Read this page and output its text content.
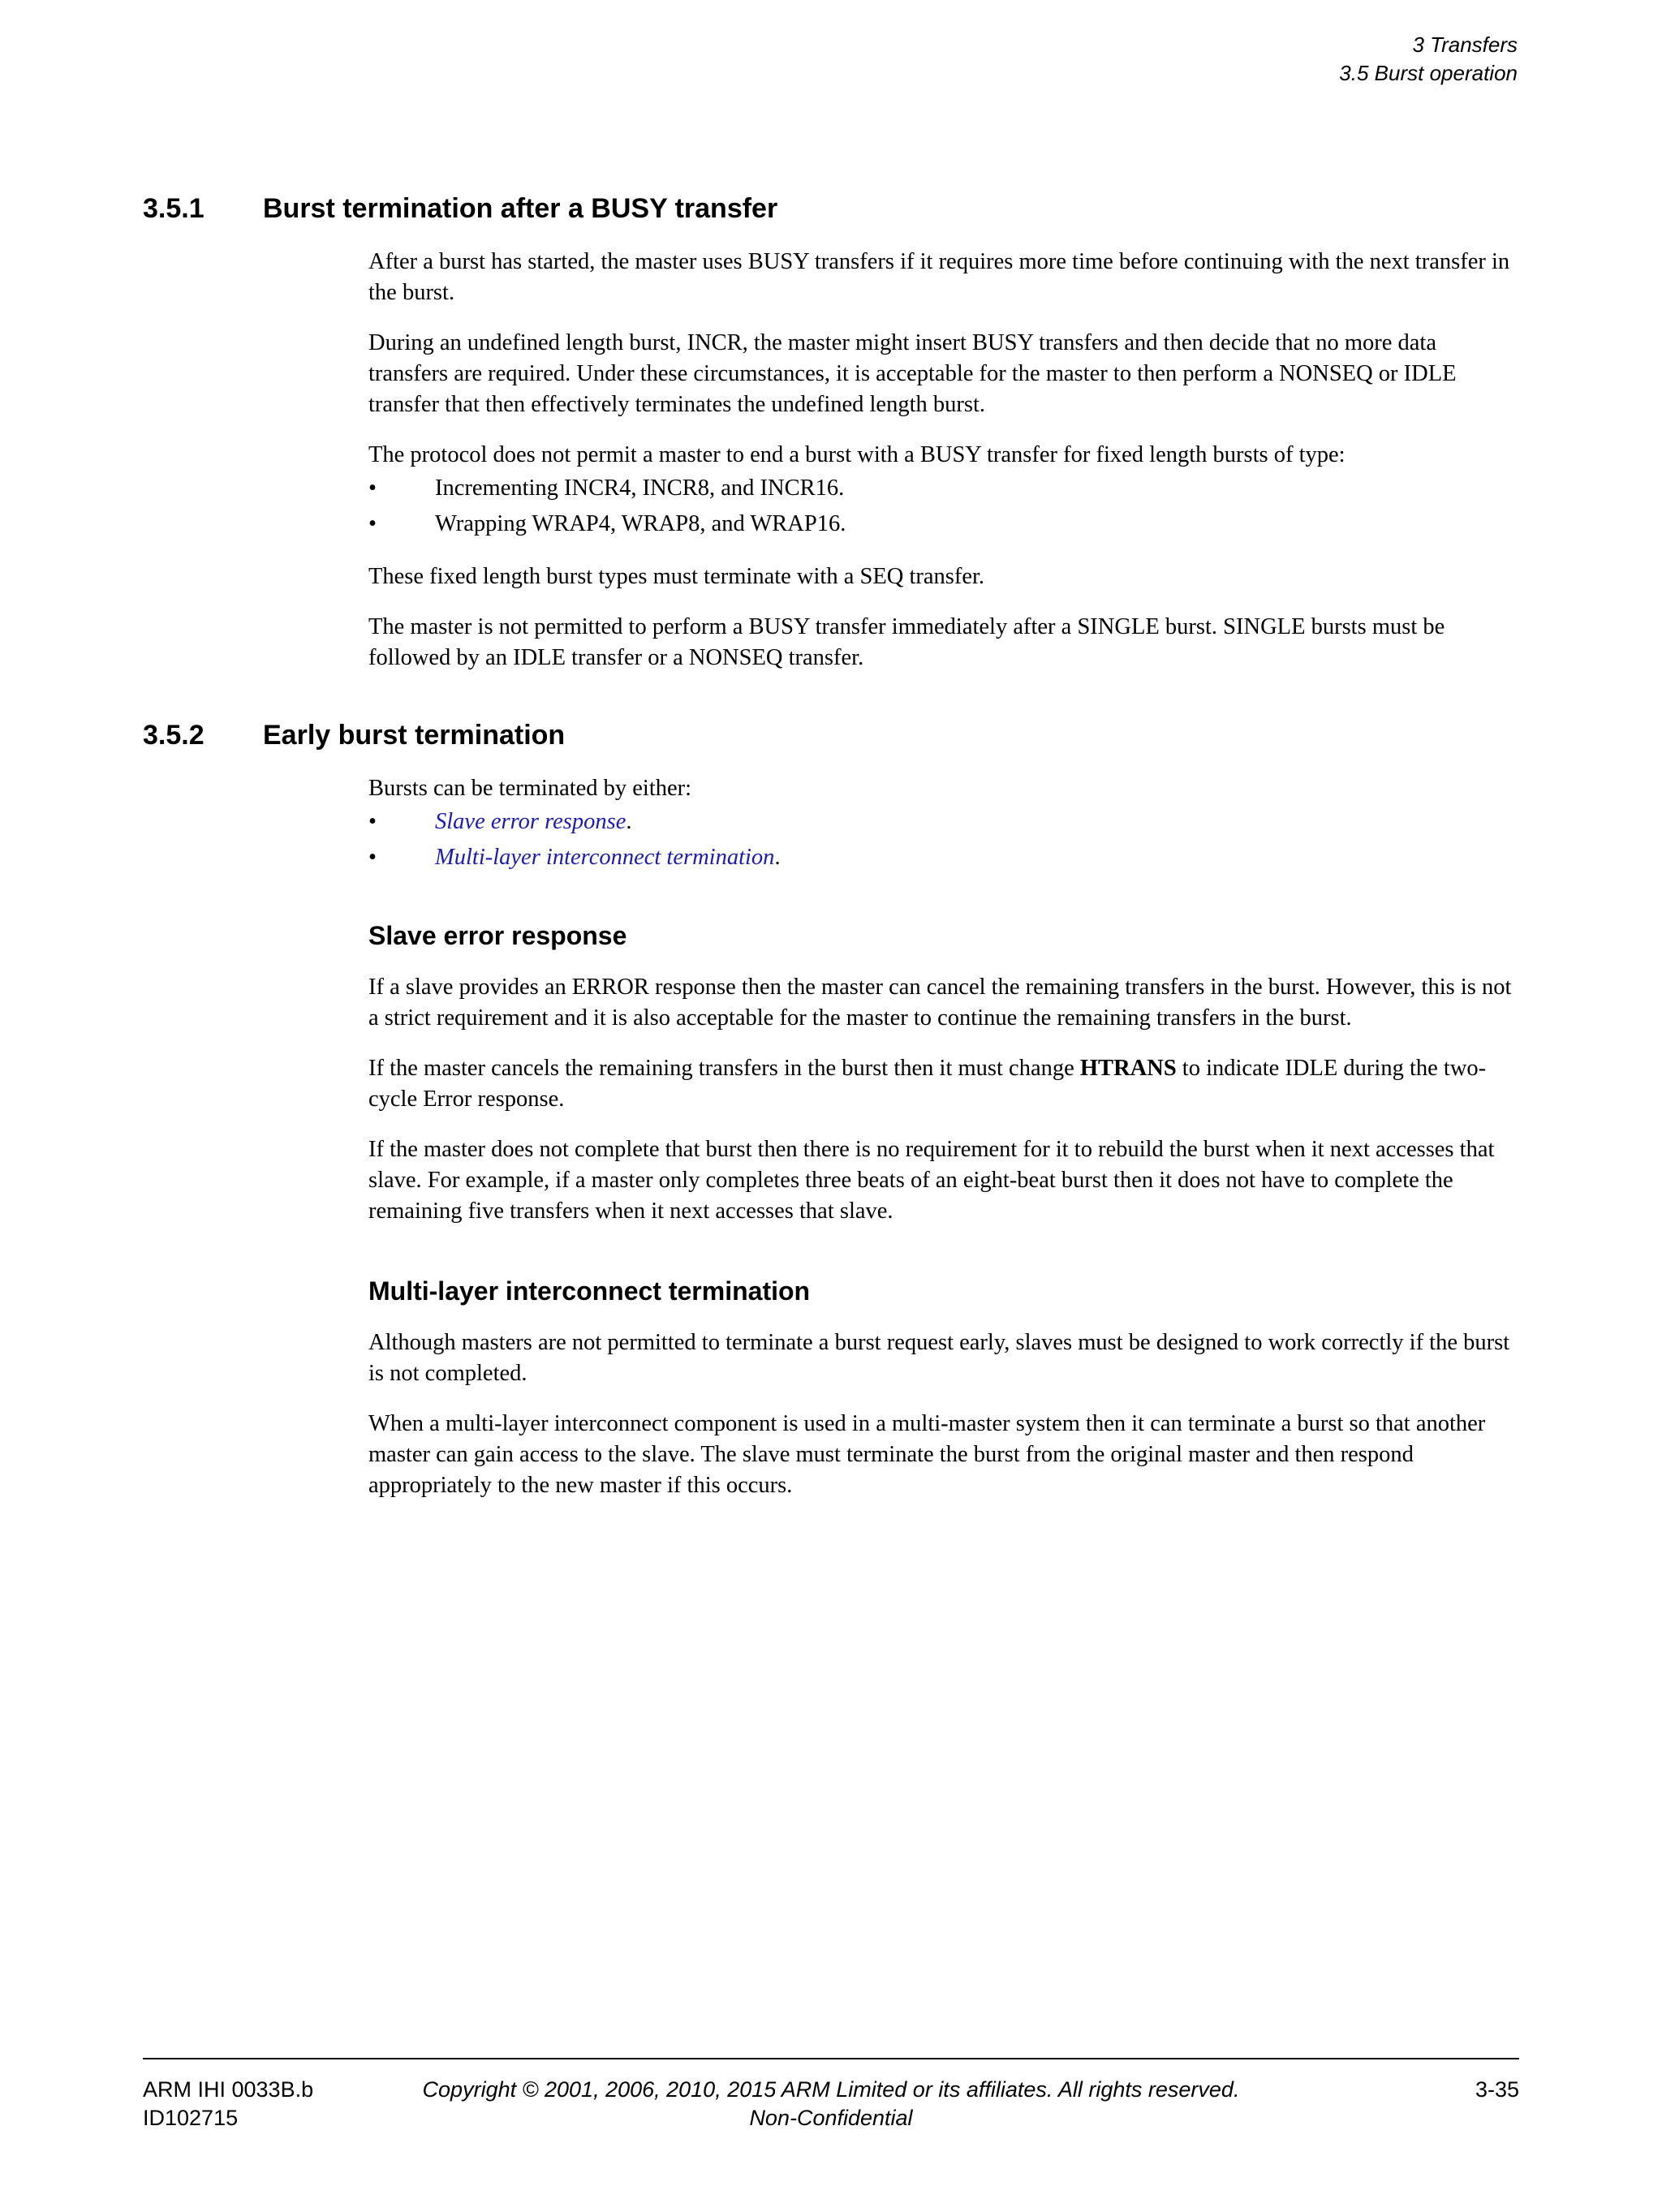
3 Transfers
3.5 Burst operation
3.5.1 Burst termination after a BUSY transfer

After a burst has started, the master uses BUSY transfers if it requires more time before continuing with the next transfer in the burst.

During an undefined length burst, INCR, the master might insert BUSY transfers and then decide that no more data transfers are required. Under these circumstances, it is acceptable for the master to then perform a NONSEQ or IDLE transfer that then effectively terminates the undefined length burst.

The protocol does not permit a master to end a burst with a BUSY transfer for fixed length bursts of type:

•	Incrementing INCR4, INCR8, and INCR16.
•	Wrapping WRAP4, WRAP8, and WRAP16.

These fixed length burst types must terminate with a SEQ transfer.

The master is not permitted to perform a BUSY transfer immediately after a SINGLE burst. SINGLE bursts must be followed by an IDLE transfer or a NONSEQ transfer.

3.5.2 Early burst termination

Bursts can be terminated by either:

•	Slave error response.
•	Multi-layer interconnect termination.
Slave error response

If a slave provides an ERROR response then the master can cancel the remaining transfers in the burst. However, this is not a strict requirement and it is also acceptable for the master to continue the remaining transfers in the burst.

If the master cancels the remaining transfers in the burst then it must change HTRANS to indicate IDLE during the two-cycle Error response.

If the master does not complete that burst then there is no requirement for it to rebuild the burst when it next accesses that slave. For example, if a master only completes three beats of an eight-beat burst then it does not have to complete the remaining five transfers when it next accesses that slave.

Multi-layer interconnect termination

Although masters are not permitted to terminate a burst request early, slaves must be designed to work correctly if the burst is not completed.

When a multi-layer interconnect component is used in a multi-master system then it can terminate a burst so that another master can gain access to the slave. The slave must terminate the burst from the original master and then respond appropriately to the new master if this occurs.

ARM IHI 0033B.b
ID102715
Copyright © 2001, 2006, 2010, 2015 ARM Limited or its affiliates. All rights reserved.
Non-Confidential
3-35
